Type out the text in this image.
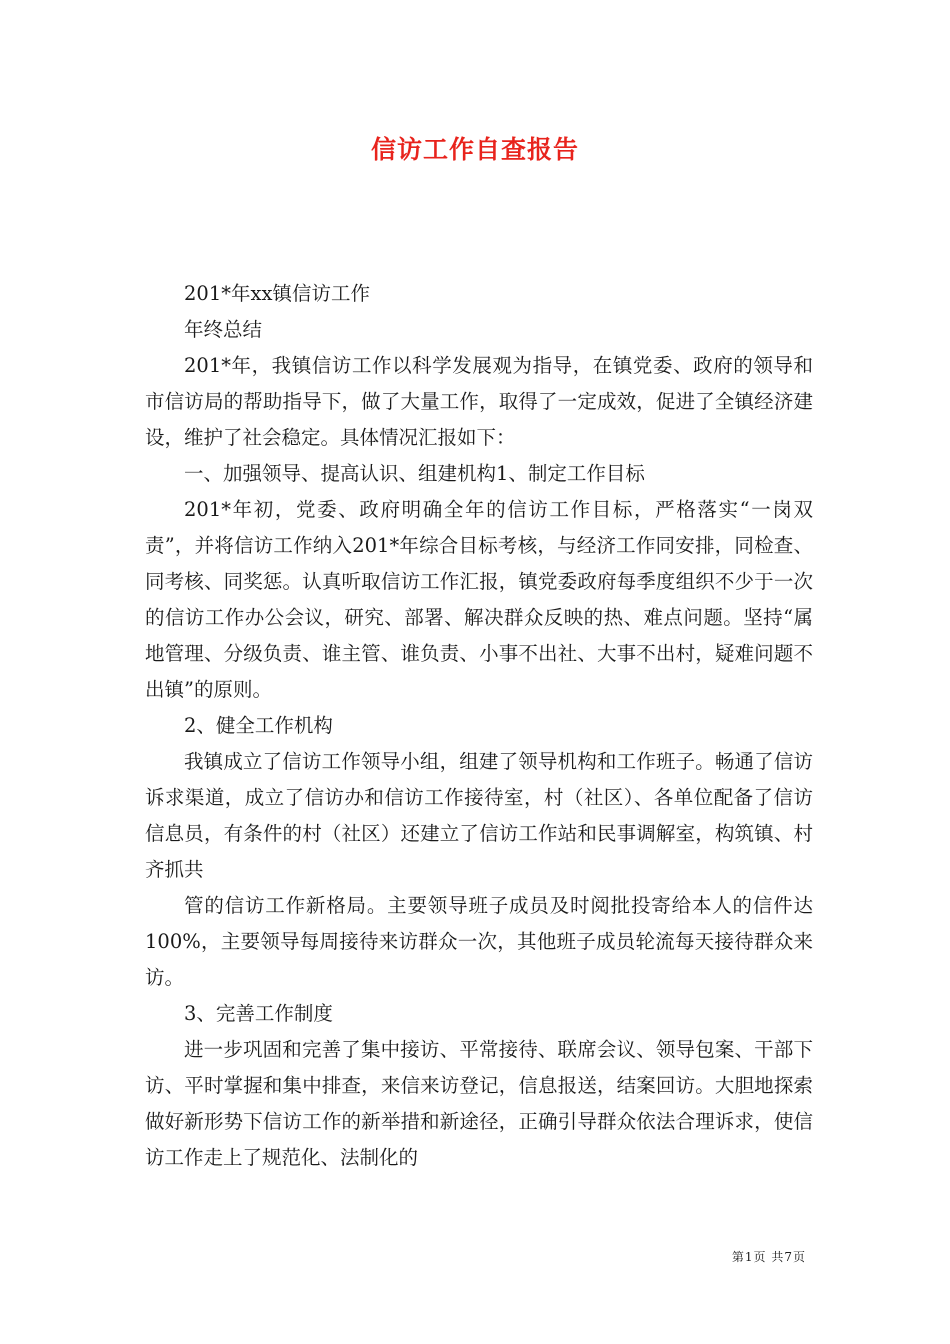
信访工作自查报告

201*年xx镇信访工作

年终总结

201*年，我镇信访工作以科学发展观为指导，在镇党委、政府的领导和市信访局的帮助指导下，做了大量工作，取得了一定成效，促进了全镇经济建设，维护了社会稳定。具体情况汇报如下：

一、加强领导、提高认识、组建机构1、制定工作目标

201*年初，党委、政府明确全年的信访工作目标，严格落实“一岗双责”，并将信访工作纳入201*年综合目标考核，与经济工作同安排，同检查、同考核、同奖惩。认真听取信访工作汇报，镇党委政府每季度组织不少于一次的信访工作办公会议，研究、部署、解决群众反映的热、难点问题。坚持“属地管理、分级负责、谁主管、谁负责、小事不出社、大事不出村，疑难问题不出镇”的原则。

2、健全工作机构

我镇成立了信访工作领导小组，组建了领导机构和工作班子。畅通了信访诉求渠道，成立了信访办和信访工作接待室，村（社区）、各单位配备了信访信息员，有条件的村（社区）还建立了信访工作站和民事调解室，构筑镇、村齐抓共

管的信访工作新格局。主要领导班子成员及时阅批投寄给本人的信件达100%，主要领导每周接待来访群众一次，其他班子成员轮流每天接待群众来访。

3、完善工作制度

进一步巩固和完善了集中接访、平常接待、联席会议、领导包案、干部下访、平时掌握和集中排查，来信来访登记，信息报送，结案回访。大胆地探索做好新形势下信访工作的新举措和新途径，正确引导群众依法合理诉求，使信访工作走上了规范化、法制化的

第1页 共7页
